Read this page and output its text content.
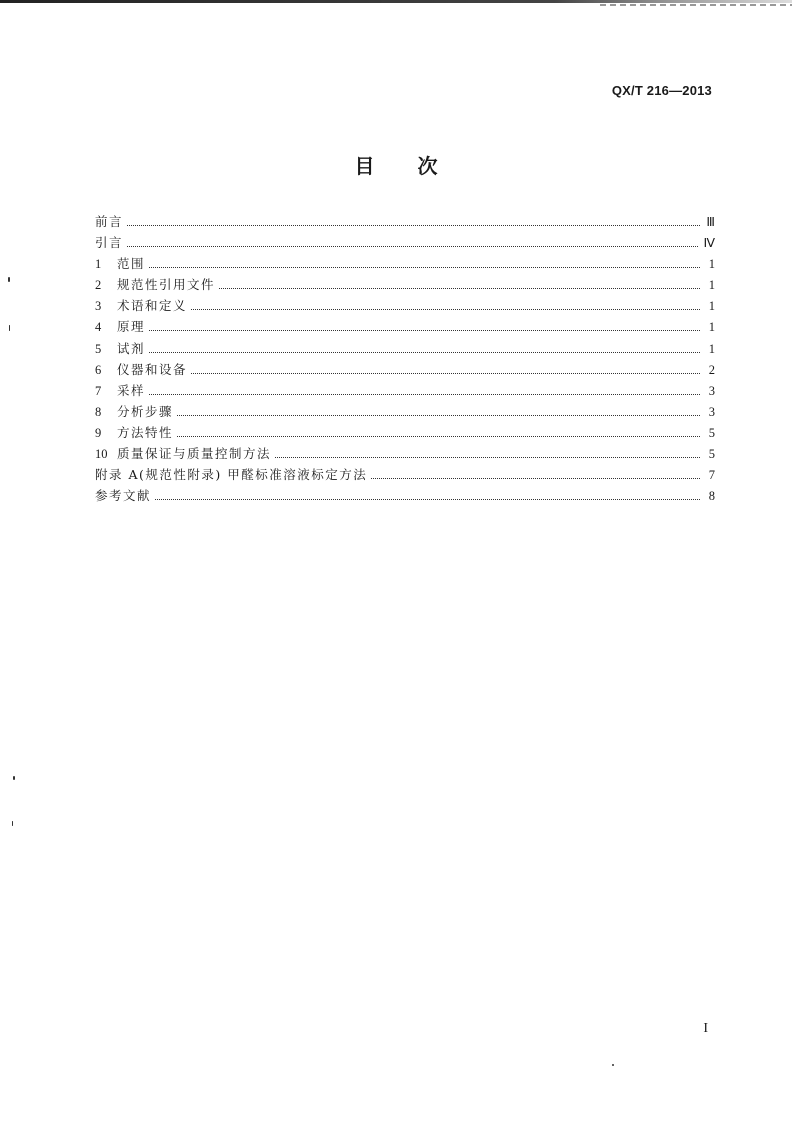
QX/T 216—2013
目 次
前言	Ⅲ
引言	Ⅳ
1	范围	1
2	规范性引用文件	1
3	术语和定义	1
4	原理	1
5	试剂	1
6	仪器和设备	2
7	采样	3
8	分析步骤	3
9	方法特性	5
10 质量保证与质量控制方法	5
附录 A(规范性附录) 甲醛标准溶液标定方法	7
参考文献	8
I
